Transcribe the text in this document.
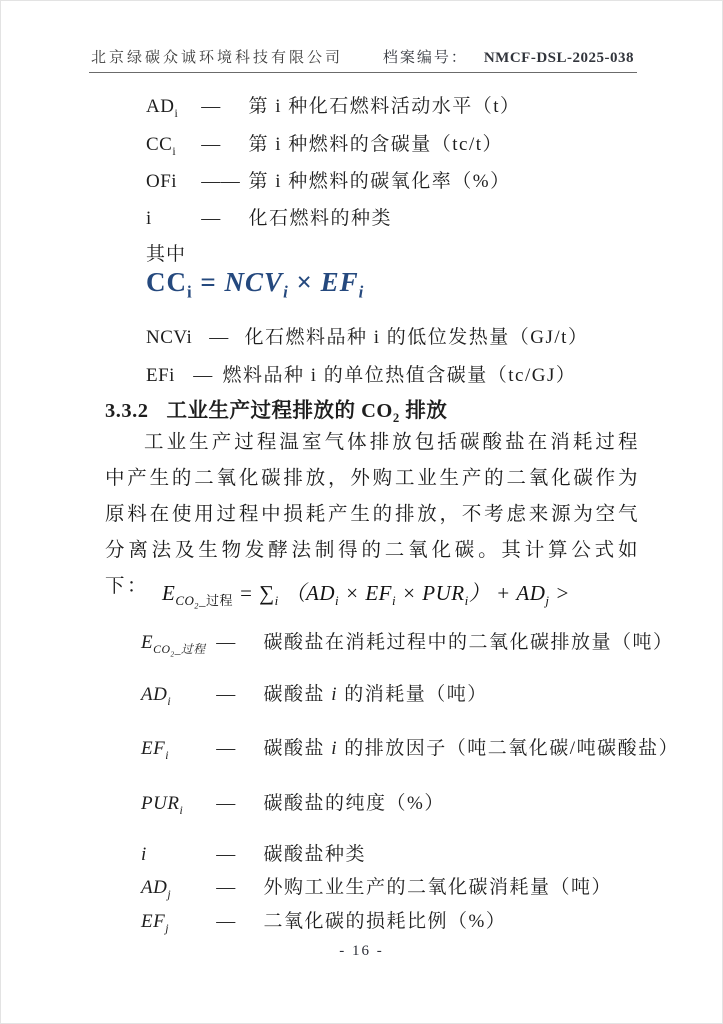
北京绿碳众诚环境科技有限公司	档案编号： NMCF-DSL-2025-038
$AD_i$ — 第 i 种化石燃料活动水平（t）
$CC_i$ — 第 i 种燃料的含碳量（tc/t）
OFi —— 第 i 种燃料的碳氧化率（%）
i	— 化石燃料的种类
其中
$CC_i = NCV_i \times EF_i$
NCVi — 化石燃料品种 i 的低位发热量（GJ/t）
EFi — 燃料品种 i 的单位热值含碳量（tc/GJ）
3.3.2 工业生产过程排放的 $CO_2$ 排放
工业生产过程温室气体排放包括碳酸盐在消耗过程中产生的二氧化碳排放，外购工业生产的二氧化碳作为原料在使用过程中损耗产生的排放，不考虑来源为空气分离法及生物发酵法制得的二氧化碳。其计算公式如下： $E_{CO_2\_过程} = \sum_i$ $(AD_i \times EF_i \times PUR_i) + AD_j$ >
$E_{CO_2\_过程}$ — 碳酸盐在消耗过程中的二氧化碳排放量（吨）
$AD_i$ — 碳酸盐 i 的消耗量（吨）
$EF_i$ — 碳酸盐 i 的排放因子（吨二氧化碳/吨碳酸盐）
$PUR_i$ — 碳酸盐的纯度（%）
i	— 碳酸盐种类
$AD_j$ — 外购工业生产的二氧化碳消耗量（吨）
$EF_j$ — 二氧化碳的损耗比例（%）
- 16 -
